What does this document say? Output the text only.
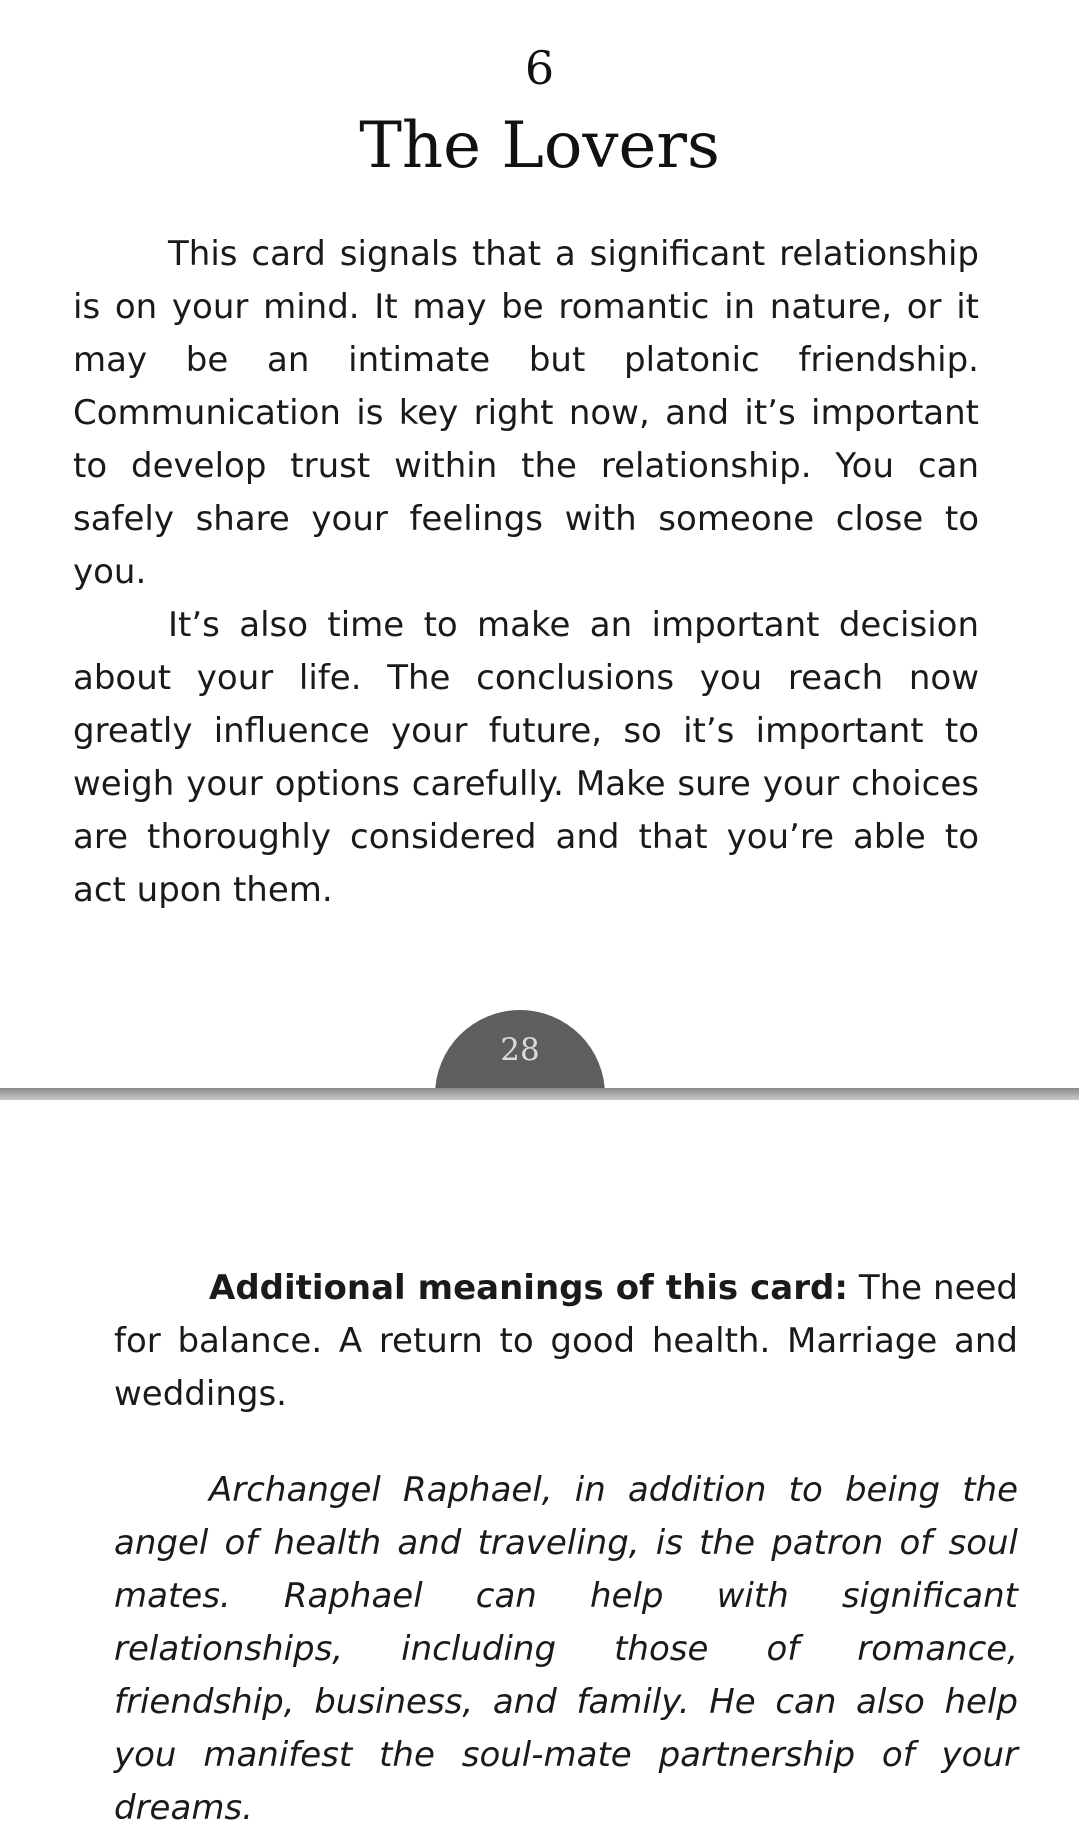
6
The Lovers

This card signals that a significant relationship is on your mind. It may be romantic in nature, or it may be an intimate but platonic friendship. Communication is key right now, and it’s important to develop trust within the relationship. You can safely share your feelings with someone close to you.

It’s also time to make an important decision about your life. The conclusions you reach now greatly influence your future, so it’s important to weigh your options carefully. Make sure your choices are thoroughly considered and that you’re able to act upon them.

28

Additional meanings of this card: The need for balance. A return to good health. Marriage and weddings.

Archangel Raphael, in addition to being the angel of health and traveling, is the patron of soul mates. Raphael can help with significant relationships, including those of romance, friendship, business, and family. He can also help you manifest the soul-mate partnership of your dreams.
